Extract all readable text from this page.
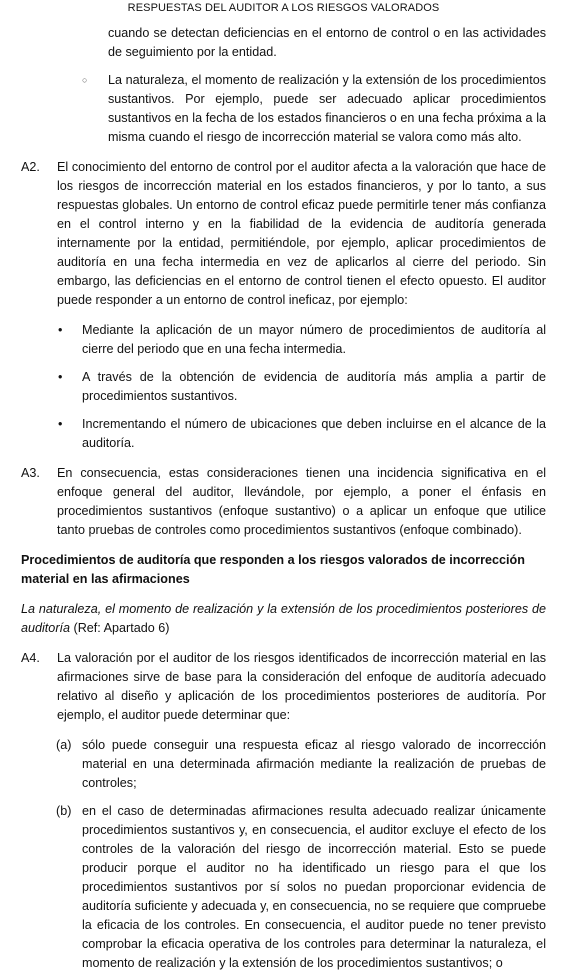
RESPUESTAS DEL AUDITOR A LOS RIESGOS VALORADOS
cuando se detectan deficiencias en el entorno de control o en las actividades de seguimiento por la entidad.
○ La naturaleza, el momento de realización y la extensión de los procedimientos sustantivos. Por ejemplo, puede ser adecuado aplicar procedimientos sustantivos en la fecha de los estados financieros o en una fecha próxima a la misma cuando el riesgo de incorrección material se valora como más alto.
A2. El conocimiento del entorno de control por el auditor afecta a la valoración que hace de los riesgos de incorrección material en los estados financieros, y por lo tanto, a sus respuestas globales. Un entorno de control eficaz puede permitirle tener más confianza en el control interno y en la fiabilidad de la evidencia de auditoría generada internamente por la entidad, permitiéndole, por ejemplo, aplicar procedimientos de auditoría en una fecha intermedia en vez de aplicarlos al cierre del periodo. Sin embargo, las deficiencias en el entorno de control tienen el efecto opuesto. El auditor puede responder a un entorno de control ineficaz, por ejemplo:
• Mediante la aplicación de un mayor número de procedimientos de auditoría al cierre del periodo que en una fecha intermedia.
• A través de la obtención de evidencia de auditoría más amplia a partir de procedimientos sustantivos.
• Incrementando el número de ubicaciones que deben incluirse en el alcance de la auditoría.
A3. En consecuencia, estas consideraciones tienen una incidencia significativa en el enfoque general del auditor, llevándole, por ejemplo, a poner el énfasis en procedimientos sustantivos (enfoque sustantivo) o a aplicar un enfoque que utilice tanto pruebas de controles como procedimientos sustantivos (enfoque combinado).
Procedimientos de auditoría que responden a los riesgos valorados de incorrección material en las afirmaciones
La naturaleza, el momento de realización y la extensión de los procedimientos posteriores de auditoría (Ref: Apartado 6)
A4. La valoración por el auditor de los riesgos identificados de incorrección material en las afirmaciones sirve de base para la consideración del enfoque de auditoría adecuado relativo al diseño y aplicación de los procedimientos posteriores de auditoría. Por ejemplo, el auditor puede determinar que:
(a) sólo puede conseguir una respuesta eficaz al riesgo valorado de incorrección material en una determinada afirmación mediante la realización de pruebas de controles;
(b) en el caso de determinadas afirmaciones resulta adecuado realizar únicamente procedimientos sustantivos y, en consecuencia, el auditor excluye el efecto de los controles de la valoración del riesgo de incorrección material. Esto se puede producir porque el auditor no ha identificado un riesgo para el que los procedimientos sustantivos por sí solos no puedan proporcionar evidencia de auditoría suficiente y adecuada y, en consecuencia, no se requiere que compruebe la eficacia de los controles. En consecuencia, el auditor puede no tener previsto comprobar la eficacia operativa de los controles para determinar la naturaleza, el momento de realización y la extensión de los procedimientos sustantivos; o
